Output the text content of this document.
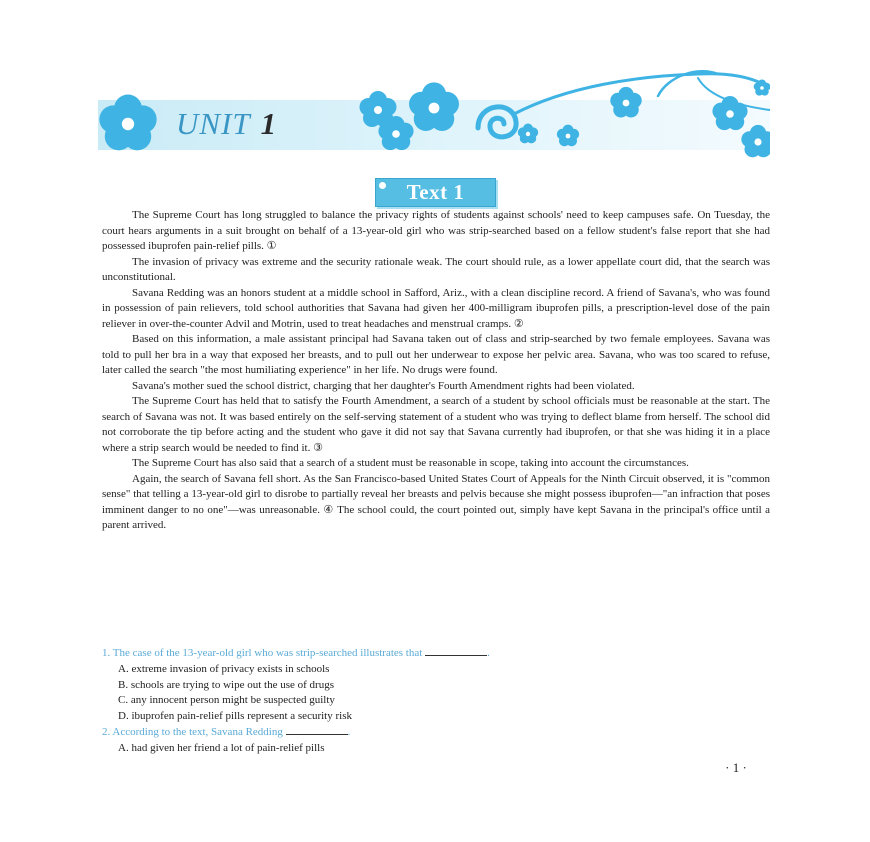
UNIT 1
Text 1

The Supreme Court has long struggled to balance the privacy rights of students against schools' need to keep campuses safe. On Tuesday, the court hears arguments in a suit brought on behalf of a 13-year-old girl who was strip-searched based on a fellow student's false report that she had possessed ibuprofen pain-relief pills. ①

The invasion of privacy was extreme and the security rationale weak. The court should rule, as a lower appellate court did, that the search was unconstitutional.

Savana Redding was an honors student at a middle school in Safford, Ariz., with a clean discipline record. A friend of Savana's, who was found in possession of pain relievers, told school authorities that Savana had given her 400-milligram ibuprofen pills, a prescription-level dose of the pain reliever in over-the-counter Advil and Motrin, used to treat headaches and menstrual cramps. ②

Based on this information, a male assistant principal had Savana taken out of class and strip-searched by two female employees. Savana was told to pull her bra in a way that exposed her breasts, and to pull out her underwear to expose her pelvic area. Savana, who was too scared to refuse, later called the search "the most humiliating experience" in her life. No drugs were found.

Savana's mother sued the school district, charging that her daughter's Fourth Amendment rights had been violated.

The Supreme Court has held that to satisfy the Fourth Amendment, a search of a student by school officials must be reasonable at the start. The search of Savana was not. It was based entirely on the self-serving statement of a student who was trying to deflect blame from herself. The school did not corroborate the tip before acting and the student who gave it did not say that Savana currently had ibuprofen, or that she was hiding it in a place where a strip search would be needed to find it. ③

The Supreme Court has also said that a search of a student must be reasonable in scope, taking into account the circumstances.

Again, the search of Savana fell short. As the San Francisco-based United States Court of Appeals for the Ninth Circuit observed, it is "common sense" that telling a 13-year-old girl to disrobe to partially reveal her breasts and pelvis because she might possess ibuprofen—"an infraction that poses imminent danger to no one"—was unreasonable. ④ The school could, the court pointed out, simply have kept Savana in the principal's office until a parent arrived.

1. The case of the 13-year-old girl who was strip-searched illustrates that	.
A. extreme invasion of privacy exists in schools
B. schools are trying to wipe out the use of drugs
C. any innocent person might be suspected guilty
D. ibuprofen pain-relief pills represent a security risk
2. According to the text, Savana Redding	.
A. had given her friend a lot of pain-relief pills
· 1 ·
